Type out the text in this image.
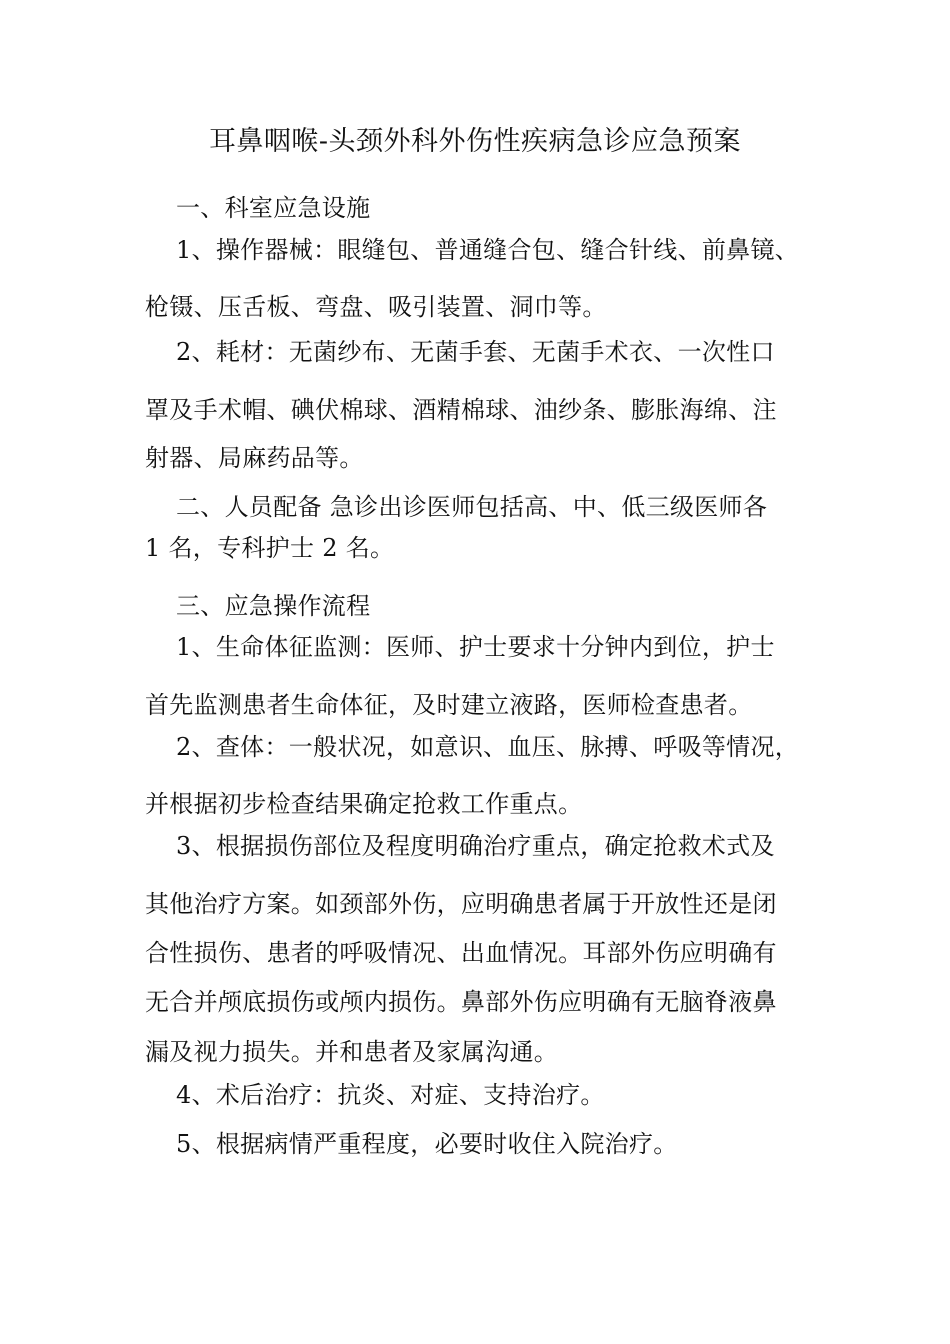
耳鼻咽喉-头颈外科外伤性疾病急诊应急预案
一、科室应急设施
1、操作器械：眼缝包、普通缝合包、缝合针线、前鼻镜、
枪镊、压舌板、弯盘、吸引装置、洞巾等。
2、耗材：无菌纱布、无菌手套、无菌手术衣、一次性口
罩及手术帽、碘伏棉球、酒精棉球、油纱条、膨胀海绵、注
射器、局麻药品等。
二、人员配备 急诊出诊医师包括高、中、低三级医师各
1 名，专科护士 2 名。
三、应急操作流程
1、生命体征监测：医师、护士要求十分钟内到位，护士
首先监测患者生命体征，及时建立液路，医师检查患者。
2、查体：一般状况，如意识、血压、脉搏、呼吸等情况，
并根据初步检查结果确定抢救工作重点。
3、根据损伤部位及程度明确治疗重点，确定抢救术式及
其他治疗方案。如颈部外伤，应明确患者属于开放性还是闭
合性损伤、患者的呼吸情况、出血情况。耳部外伤应明确有
无合并颅底损伤或颅内损伤。鼻部外伤应明确有无脑脊液鼻
漏及视力损失。并和患者及家属沟通。
4、术后治疗：抗炎、对症、支持治疗。
5、根据病情严重程度，必要时收住入院治疗。
